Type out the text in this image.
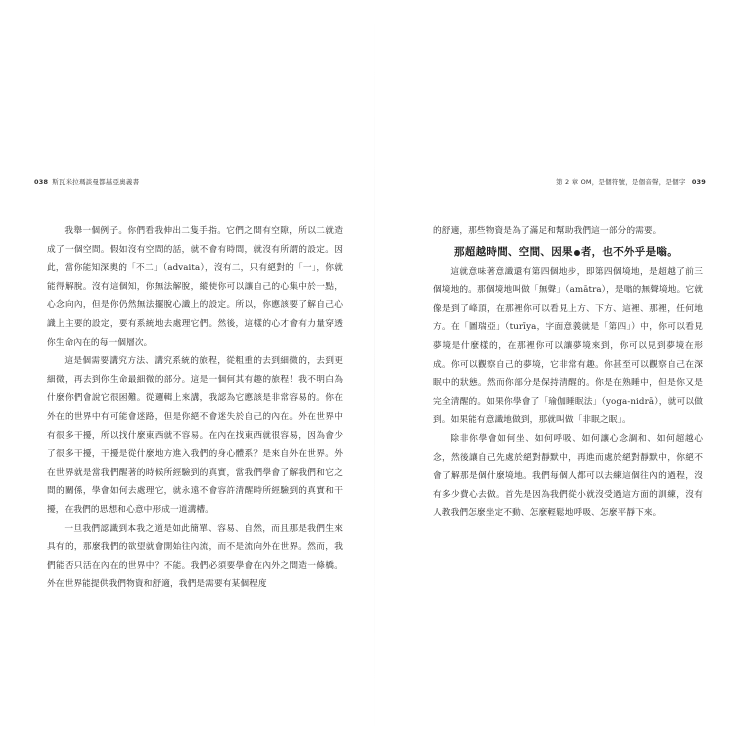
038 斯瓦米拉瑪談曼都基亞奧義書

我舉一個例子。你們看我伸出二隻手指。它們之間有空隙，所以二就造成了一個空間。假如沒有空間的話，就不會有時間，就沒有所謂的設定。因此，當你能知深奧的「不二」（advaita），沒有二，只有絕對的「一」，你就能得解脫。沒有這個知，你無法解脫，縱使你可以讓自己的心集中於一點，心念向內，但是你仍然無法擺脫心識上的設定。所以，你應該要了解自己心識上主要的設定，要有系統地去處理它們。然後，這樣的心才會有力量穿透你生命內在的每一個層次。

這是個需要講究方法、講究系統的旅程，從粗重的去到細微的，去到更細微，再去到你生命最細微的部分。這是一個何其有趣的旅程！我不明白為什麼你們會說它很困難。從邏輯上來講，我認為它應該是非常容易的。你在外在的世界中有可能會迷路，但是你絕不會迷失於自己的內在。外在世界中有很多干擾，所以找什麼東西就不容易。在內在找東西就很容易，因為會少了很多干擾，干擾是從什麼地方進入我們的身心體系？是來自外在世界。外在世界就是當我們醒著的時候所經驗到的真實，當我們學會了解我們和它之間的關係，學會如何去處理它，就永遠不會容許清醒時所經驗到的真實和干擾，在我們的思想和心意中形成一道溝槽。

一旦我們認識到本我之道是如此簡單、容易、自然，而且那是我們生來具有的，那麼我們的欲望就會開始往內流，而不是流向外在世界。然而，我們能否只活在內在的世界中？不能。我們必須要學會在內外之間造一條橋。外在世界能提供我們物資和舒適，我們是需要有某個程度

第 2 章 OM，是個符號，是個音聲，是個字 039

的舒適，那些物資是為了滿足和幫助我們這一部分的需要。

那超越時間、空間、因果 者，也不外乎是嗡。

這就意味著意識還有第四個地步，即第四個境地，是超越了前三個境地的。那個境地叫做「無聲」（amātra），是嗡的無聲境地。它就像是到了峰頂，在那裡你可以看見上方、下方、這裡、那裡，任何地方。在「圖瑞亞」（turīya，字面意義就是「第四」）中，你可以看見夢境是什麼樣的，在那裡你可以讓夢境來到，你可以見到夢境在形成。你可以觀察自己的夢境，它非常有趣。你甚至可以觀察自己在深眠中的狀態。然而你部分是保持清醒的。你是在熟睡中，但是你又是完全清醒的。如果你學會了「瑜伽睡眠法」（yoga-nidrā），就可以做到。如果能有意識地做到，那就叫做「非眠之眠」。

除非你學會如何坐、如何呼吸、如何讓心念調和、如何超越心念，然後讓自己先處於絕對靜默中，再進而處於絕對靜默中，你絕不會了解那是個什麼境地。我們每個人都可以去練這個往內的過程，沒有多少費心去做。首先是因為我們從小就沒受過這方面的訓練，沒有人教我們怎麼坐定不動、怎麼輕鬆地呼吸、怎麼平靜下來。
